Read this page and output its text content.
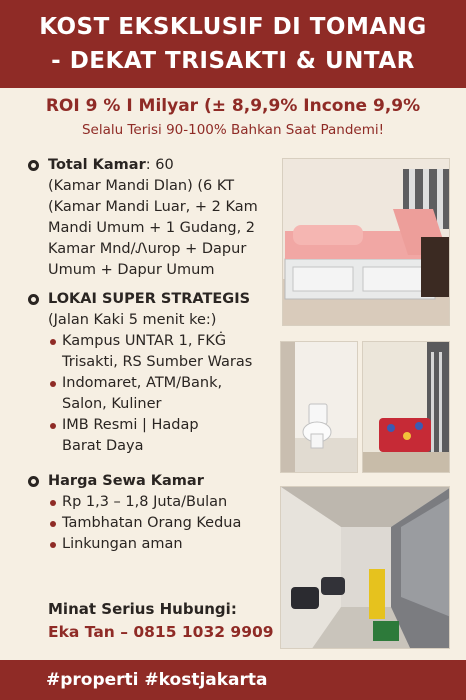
KOST EKSKLUSIF DI TOMANG
- DEKAT TRISAKTI & UNTAR
ROI 9 % I Milyar (± 8,9,9% Incone 9,9%
Selalu Terisi 90-100% Bahkan Saat Pandemi!

Total Kamar: 60

(Kamar Mandi Dlan) (6 KT

(Kamar Mandi Luar, + 2 Kam

Mandi Umum + 1 Gudang, 2

Kamar Mnd/Ꮑurop + Dapur

Umum + Dapur Umum

LOKAI SUPER STRATEGIS

(Jalan Kaki 5 menit ke:)

Kampus UNTAR 1, FKĠ

Trisakti, RS Sumber Waras

Indomaret, ATM/Bank,

Salon, Kuliner

IMB Resmi | Hadap

Barat Daya

Harga Sewa Kamar

Rp 1,3 – 1,8 Juta/Bulan

Tambhatan Orang Kedua

Linkungan aman

Minat Serius Hubungi:
Eka Tan – 0815 1032 9909
#properti #kostjakarta
